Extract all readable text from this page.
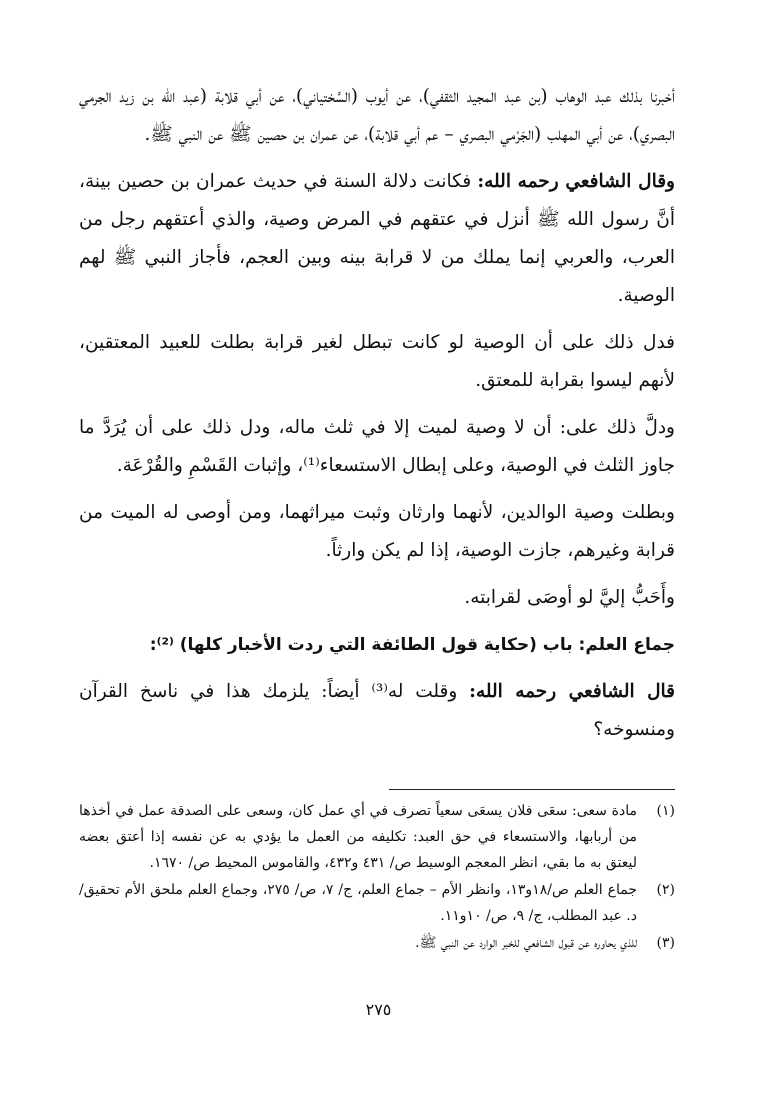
أخبرنا بذلك عبد الوهاب (بن عبد المجيد الثقفي)، عن أيوب (السَّختياني)، عن أبي قلابة (عبد الله بن زيد الجرمي البصري)، عن أبي المهلب (الجَرْمي البصري – عم أبي قلابة)، عن عمران بن حصين ﷺ عن النبي ﷺ.

وقال الشافعي رحمه الله: فكانت دلالة السنة في حديث عمران بن حصين بينة، أنَّ رسول الله ﷺ أنزل في عتقهم في المرض وصية، والذي أعتقهم رجل من العرب، والعربي إنما يملك من لا قرابة بينه وبين العجم، فأجاز النبي ﷺ لهم الوصية.

فدل ذلك على أن الوصية لو كانت تبطل لغير قرابة بطلت للعبيد المعتقين، لأنهم ليسوا بقرابة للمعتق.

ودلَّ ذلك على: أن لا وصية لميت إلا في ثلث ماله، ودل ذلك على أن يُرَدَّ ما جاوز الثلث في الوصية، وعلى إبطال الاستسعاء⁽¹⁾، وإثبات القَسْمِ والقُرْعَة.

وبطلت وصية الوالدين، لأنهما وارثان وثبت ميراثهما، ومن أوصى له الميت من قرابة وغيرهم، جازت الوصية، إذا لم يكن وارثاً.

وأَحَبُّ إليَّ لو أوصَى لقرابته.

جماع العلم: باب (حكاية قول الطائفة التي ردت الأخبار كلها) ⁽²⁾:

قال الشافعي رحمه الله: وقلت له⁽³⁾ أيضاً: يلزمك هذا في ناسخ القرآن ومنسوخه؟

(١)
مادة سعى: سعَى فلان يسعَى سعياً تصرف في أي عمل كان، وسعى على الصدقة عمل في أخذها من أربابها، والاستسعاء في حق العبد: تكليفه من العمل ما يؤدي به عن نفسه إذا أعتق بعضه ليعتق به ما بقي، انظر المعجم الوسيط ص/ ٤٣١ و٤٣٢، والقاموس المحيط ص/ ١٦٧٠.
(٢)
جماع العلم ص/١٨و١٣، وانظر الأم – جماع العلم، ج/ ٧، ص/ ٢٧٥، وجماع العلم ملحق الأم تحقيق/ د. عبد المطلب، ج/ ٩، ص/ ١٠و١١.
(٣)
للذي يحاوره عن قبول الشافعي للخبر الوارد عن النبي ﷺ.
٢٧٥
